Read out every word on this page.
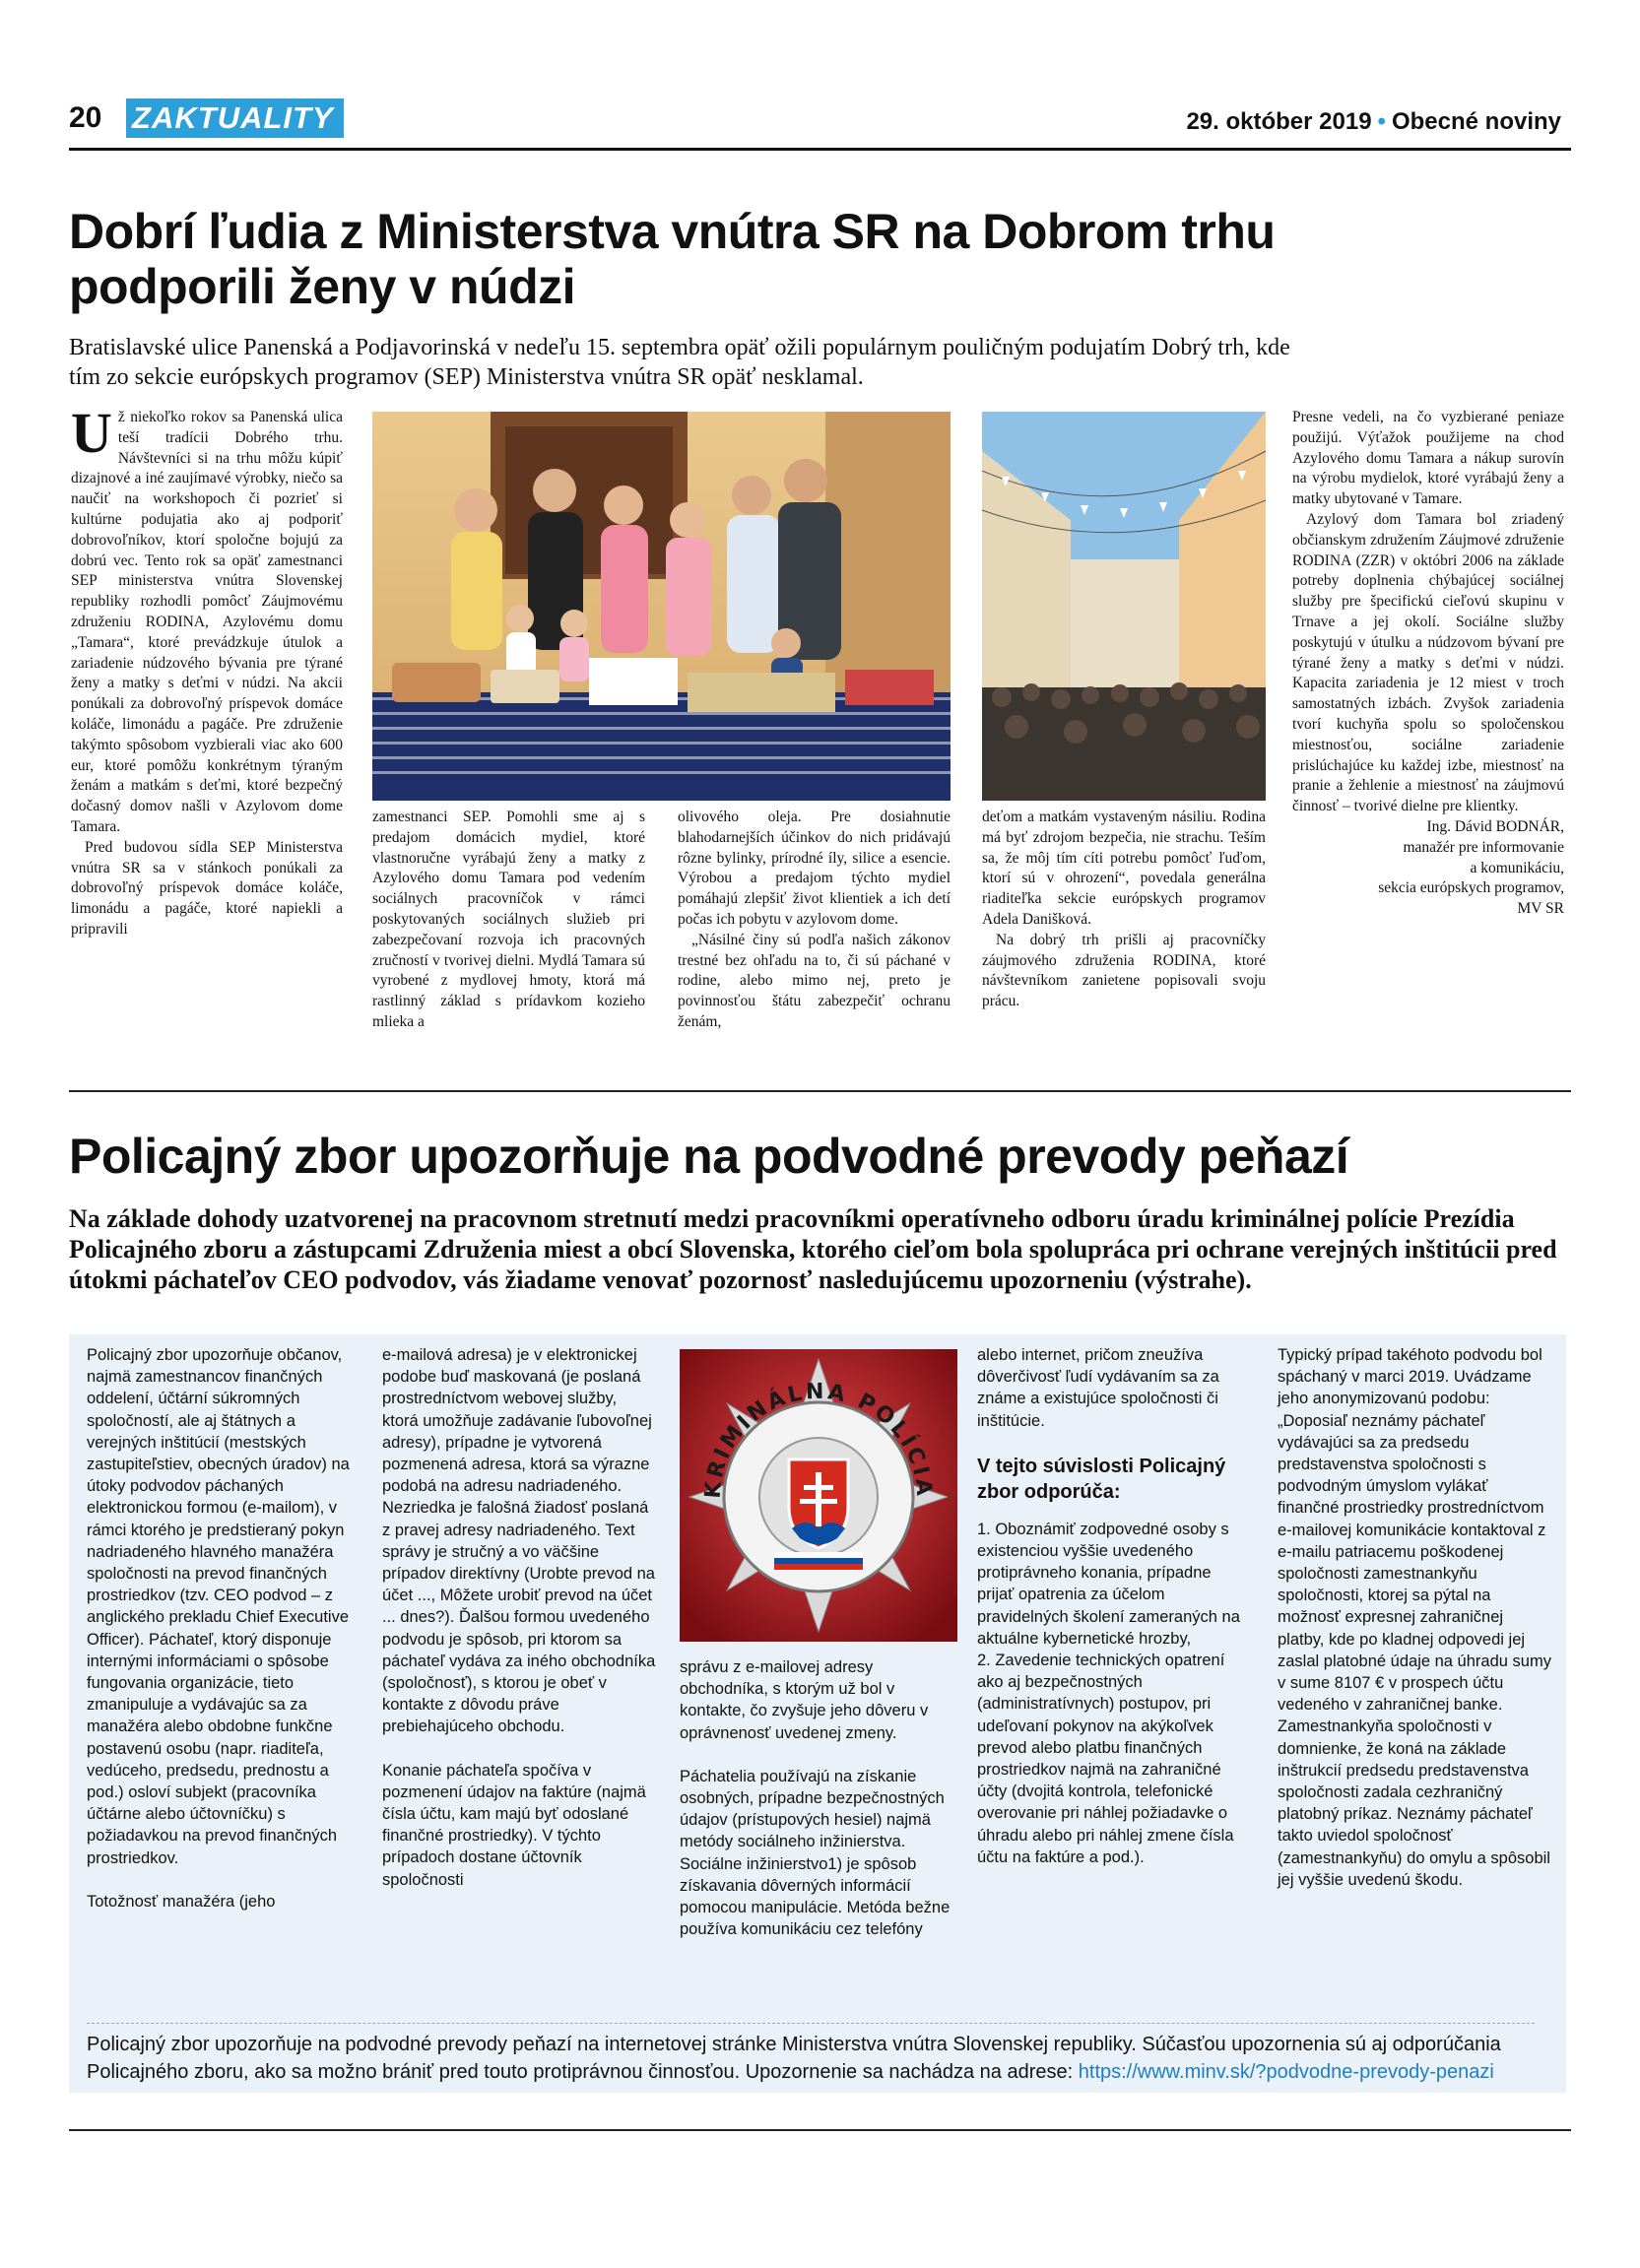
20 Z AKTUALITY	29. október 2019 • Obecné noviny
Dobrí ľudia z Ministerstva vnútra SR na Dobrom trhu
podporili ženy v núdzi
Bratislavské ulice Panenská a Podjavorinská v nedeľu 15. septembra opäť ožili populárnym pouličným podujatím Dobrý trh, kde
tím zo sekcie európskych programov (SEP) Ministerstva vnútra SR opäť nesklamal.

Už niekoľko rokov sa Panenská ulica teší tradícii Dobrého trhu. Návštevníci si na trhu môžu kúpiť dizajnové a iné zaujímavé výrobky, niečo sa naučiť na workshopoch či pozrieť si kultúrne podujatia ako aj podporiť dobrovoľníkov, ktorí spoločne bojujú za dobrú vec. Tento rok sa opäť zamestnanci SEP ministerstva vnútra Slovenskej republiky rozhodli pomôcť Záujmovému združeniu RODINA, Azylovému domu „Tamara“, ktoré prevádzkuje útulok a zariadenie núdzového bývania pre týrané ženy a matky s deťmi v núdzi. Na akcii ponúkali za dobrovoľný príspevok domáce koláče, limonádu a pagáče. Pre združenie takýmto spôsobom vyzbierali viac ako 600 eur, ktoré pomôžu konkrétnym týraným ženám a matkám s deťmi, ktoré bezpečný dočasný domov našli v Azylovom dome Tamara.

Pred budovou sídla SEP Ministerstva vnútra SR sa v stánkoch ponúkali za dobrovoľný príspevok domáce koláče, limonádu a pagáče, ktoré napiekli a pripravili

zamestnanci SEP. Pomohli sme aj s predajom domácich mydiel, ktoré vlastnoručne vyrábajú ženy a matky z Azylového domu Tamara pod vedením sociálnych pracovníčok v rámci poskytovaných sociálnych služieb pri zabezpečovaní rozvoja ich pracovných zručností v tvorivej dielni. Mydlá Tamara sú vyrobené z mydlovej hmoty, ktorá má rastlinný základ s prídavkom kozieho mlieka a

olivového oleja. Pre dosiahnutie blahodarnejších účinkov do nich pridávajú rôzne bylinky, prírodné íly, silice a esencie. Výrobou a predajom týchto mydiel pomáhajú zlepšiť život klientiek a ich detí počas ich pobytu v azylovom dome.

„Násilné činy sú podľa našich zákonov trestné bez ohľadu na to, či sú páchané v rodine, alebo mimo nej, preto je povinnosťou štátu zabezpečiť ochranu ženám,

deťom a matkám vystaveným násiliu. Rodina má byť zdrojom bezpečia, nie strachu. Teším sa, že môj tím cíti potrebu pomôcť ľuďom, ktorí sú v ohrození“, povedala generálna riaditeľka sekcie európskych programov Adela Danišková.

Na dobrý trh prišli aj pracovníčky záujmového združenia RODINA, ktoré návštevníkom zanietene popisovali svoju prácu.

Presne vedeli, na čo vyzbierané peniaze použijú. Výťažok použijeme na chod Azylového domu Tamara a nákup surovín na výrobu mydielok, ktoré vyrábajú ženy a matky ubytované v Tamare.

Azylový dom Tamara bol zriadený občianskym združením Záujmové združenie RODINA (ZZR) v októbri 2006 na základe potreby doplnenia chýbajúcej sociálnej služby pre špecifickú cieľovú skupinu v Trnave a jej okolí. Sociálne služby poskytujú v útulku a núdzovom bývaní pre týrané ženy a matky s deťmi v núdzi. Kapacita zariadenia je 12 miest v troch samostatných izbách. Zvyšok zariadenia tvorí kuchyňa spolu so spoločenskou miestnosťou, sociálne zariadenie prislúchajúce ku každej izbe, miestnosť na pranie a žehlenie a miestnosť na záujmovú činnosť – tvorivé dielne pre klientky.

Ing. Dávid BODNÁR,
manažér pre informovanie
a komunikáciu,
sekcia európskych programov,
MV SR
Policajný zbor upozorňuje na podvodné prevody peňazí
Na základe dohody uzatvorenej na pracovnom stretnutí medzi pracovníkmi operatívneho odboru úradu kriminálnej polície Prezídia Policajného zboru a zástupcami Združenia miest a obcí Slovenska, ktorého cieľom bola spolupráca pri ochrane verejných inštitúcii pred útokmi páchateľov CEO podvodov, vás žiadame venovať pozornosť nasledujúcemu upozorneniu (výstrahe).

Policajný zbor upozorňuje občanov, najmä zamestnancov finančných oddelení, účtární súkromných spoločností, ale aj štátnych a verejných inštitúcií (mestských zastupiteľstiev, obecných úradov) na útoky podvodov páchaných elektronickou formou (e-mailom), v rámci ktorého je predstieraný pokyn nadriadeného hlavného manažéra spoločnosti na prevod finančných prostriedkov (tzv. CEO podvod – z anglického prekladu Chief Executive Officer). Páchateľ, ktorý disponuje internými informáciami o spôsobe fungovania organizácie, tieto zmanipuluje a vydávajúc sa za manažéra alebo obdobne funkčne postavenú osobu (napr. riaditeľa, vedúceho, predsedu, prednostu a pod.) osloví subjekt (pracovníka účtárne alebo účtovníčku) s požiadavkou na prevod finančných prostriedkov.

Totožnosť manažéra (jeho

e-mailová adresa) je v elektronickej podobe buď maskovaná (je poslaná prostredníctvom webovej služby, ktorá umožňuje zadávanie ľubovoľnej adresy), prípadne je vytvorená pozmenená adresa, ktorá sa výrazne podobá na adresu nadriadeného. Nezriedka je falošná žiadosť poslaná z pravej adresy nadriadeného. Text správy je stručný a vo väčšine prípadov direktívny (Urobte prevod na účet ..., Môžete urobiť prevod na účet ... dnes?). Ďalšou formou uvedeného podvodu je spôsob, pri ktorom sa páchateľ vydáva za iného obchodníka (spoločnosť), s ktorou je obeť v kontakte z dôvodu práve prebiehajúceho obchodu.

Konanie páchateľa spočíva v pozmenení údajov na faktúre (najmä čísla účtu, kam majú byť odoslané finančné prostriedky). V týchto prípadoch dostane účtovník spoločnosti

KRIMINÁLNA POLÍCIA

správu z e-mailovej adresy obchodníka, s ktorým už bol v kontakte, čo zvyšuje jeho dôveru v oprávnenosť uvedenej zmeny.

Páchatelia používajú na získanie osobných, prípadne bezpečnostných údajov (prístupových hesiel) najmä metódy sociálneho inžinierstva. Sociálne inžinierstvo1) je spôsob získavania dôverných informácií pomocou manipulácie. Metóda bežne používa komunikáciu cez telefóny

alebo internet, pričom zneužíva dôverčivosť ľudí vydávaním sa za známe a existujúce spoločnosti či inštitúcie.

V tejto súvislosti Policajný zbor odporúča:

1. Oboznámiť zodpovedné osoby s existenciou vyššie uvedeného protiprávneho konania, prípadne prijať opatrenia za účelom pravidelných školení zameraných na aktuálne kybernetické hrozby,

2. Zavedenie technických opatrení ako aj bezpečnostných (administratívnych) postupov, pri udeľovaní pokynov na akýkoľvek prevod alebo platbu finančných prostriedkov najmä na zahraničné účty (dvojitá kontrola, telefonické overovanie pri náhlej požiadavke o úhradu alebo pri náhlej zmene čísla účtu na faktúre a pod.).

Typický prípad takéhoto podvodu bol spáchaný v marci 2019. Uvádzame jeho anonymizovanú podobu:

„Doposiaľ neznámy páchateľ vydávajúci sa za predsedu predstavenstva spoločnosti s podvodným úmyslom vylákať finančné prostriedky prostredníctvom e-mailovej komunikácie kontaktoval z e-mailu patriacemu poškodenej spoločnosti zamestnankyňu spoločnosti, ktorej sa pýtal na možnosť expresnej zahraničnej platby, kde po kladnej odpovedi jej zaslal platobné údaje na úhradu sumy v sume 8107 € v prospech účtu vedeného v zahraničnej banke. Zamestnankyňa spoločnosti v domnienke, že koná na základe inštrukcií predsedu predstavenstva spoločnosti zadala cezhraničný platobný príkaz. Neznámy páchateľ takto uviedol spoločnosť (zamestnankyňu) do omylu a spôsobil jej vyššie uvedenú škodu.

Policajný zbor upozorňuje na podvodné prevody peňazí na internetovej stránke Ministerstva vnútra Slovenskej republiky. Súčasťou upozornenia sú aj odporúčania Policajného zboru, ako sa možno brániť pred touto protiprávnou činnosťou. Upozornenie sa nachádza na adrese: https://www.minv.sk/?podvodne-prevody-penazi
